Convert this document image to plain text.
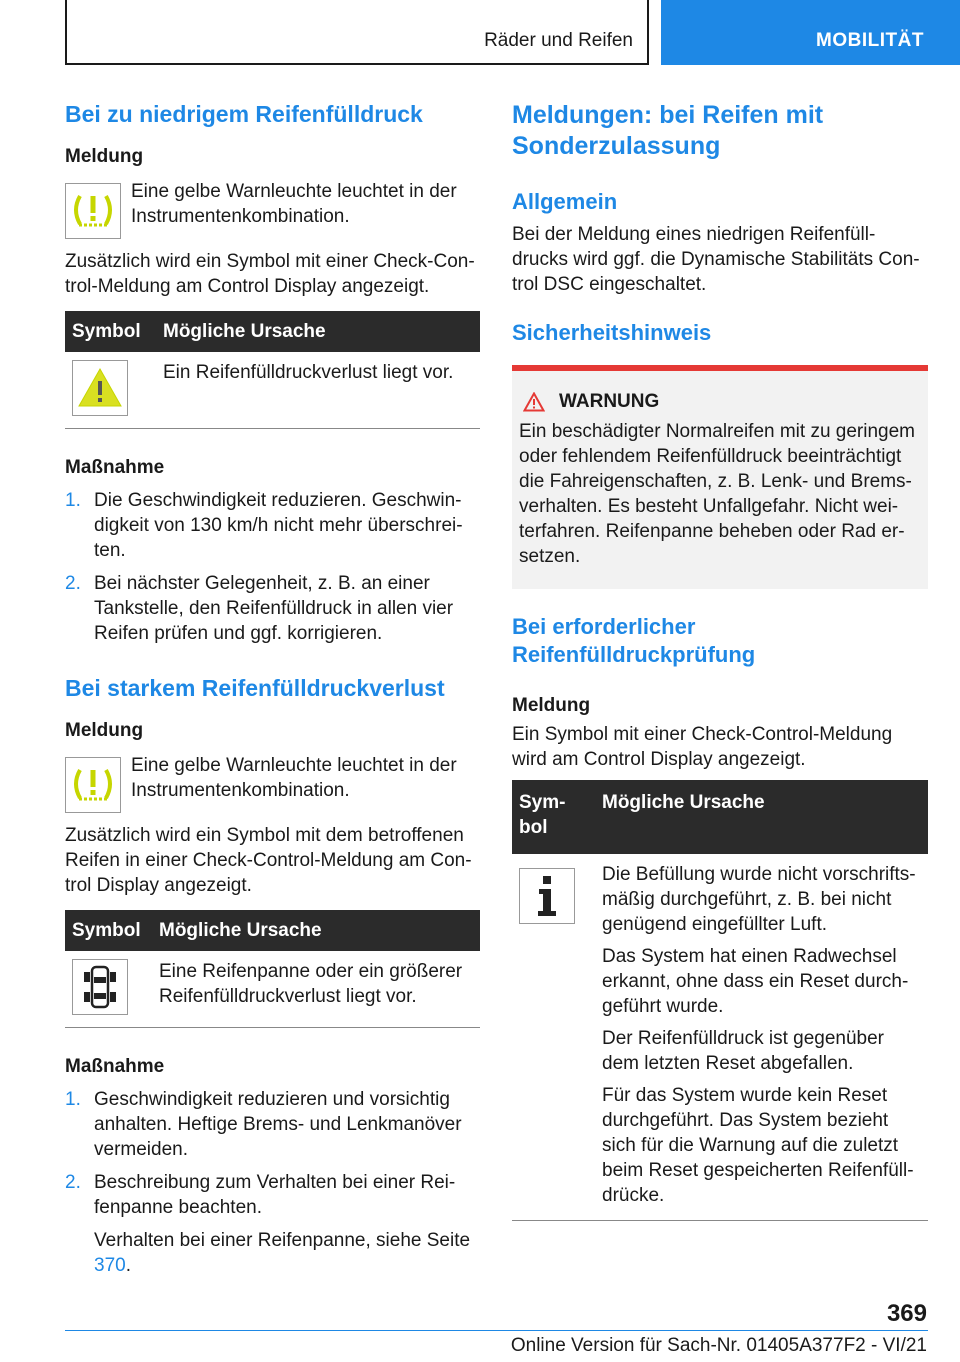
Räder und Reifen	MOBILITÄT
Bei zu niedrigem Reifenfülldruck
Meldung
Eine gelbe Warnleuchte leuchtet in der Instrumentenkombination.

Zusätzlich wird ein Symbol mit einer Check-Con-trol-Meldung am Control Display angezeigt.

Symbol	Mögliche Ursache

	Ein Reifenfülldruckverlust liegt vor.
Maßnahme
1. Die Geschwindigkeit reduzieren. Geschwin-digkeit von 130 km/h nicht mehr überschrei-ten.
2. Bei nächster Gelegenheit, z. B. an einer Tankstelle, den Reifenfülldruck in allen vier Reifen prüfen und ggf. korrigieren.
Bei starkem Reifenfülldruckverlust
Meldung
Eine gelbe Warnleuchte leuchtet in der Instrumentenkombination.

Zusätzlich wird ein Symbol mit dem betroffenen Reifen in einer Check-Control-Meldung am Con-trol Display angezeigt.

Symbol	Mögliche Ursache

	Eine Reifenpanne oder ein größerer Reifenfülldruckverlust liegt vor.
Maßnahme
1. Geschwindigkeit reduzieren und vorsichtig anhalten. Heftige Brems- und Lenkmanöver vermeiden.
2. Beschreibung zum Verhalten bei einer Rei-fenpanne beachten.

Verhalten bei einer Reifenpanne, siehe Seite 370.

Meldungen: bei Reifen mit Sonderzulassung
Allgemein

Bei der Meldung eines niedrigen Reifenfüll-drucks wird ggf. die Dynamische Stabilitäts Con-trol DSC eingeschaltet.

Sicherheitshinweis
WARNUNG

Ein beschädigter Normalreifen mit zu geringem oder fehlendem Reifenfülldruck beeinträchtigt die Fahreigenschaften, z. B. Lenk- und Brems-verhalten. Es besteht Unfallgefahr. Nicht wei-terfahren. Reifenpanne beheben oder Rad er-setzen.

Bei erforderlicher Reifenfülldruckprüfung
Meldung

Ein Symbol mit einer Check-Control-Meldung wird am Control Display angezeigt.

Sym-bol	Mögliche Ursache

Die Befüllung wurde nicht vorschrifts-mäßig durchgeführt, z. B. bei nicht genügend eingefüllter Luft.

Das System hat einen Radwechsel erkannt, ohne dass ein Reset durch-geführt wurde.

Der Reifenfülldruck ist gegenüber dem letzten Reset abgefallen.

Für das System wurde kein Reset durchgeführt. Das System bezieht sich für die Warnung auf die zuletzt beim Reset gespeicherten Reifenfüll-drücke.

369
Online Version für Sach-Nr. 01405A377F2 - VI/21
